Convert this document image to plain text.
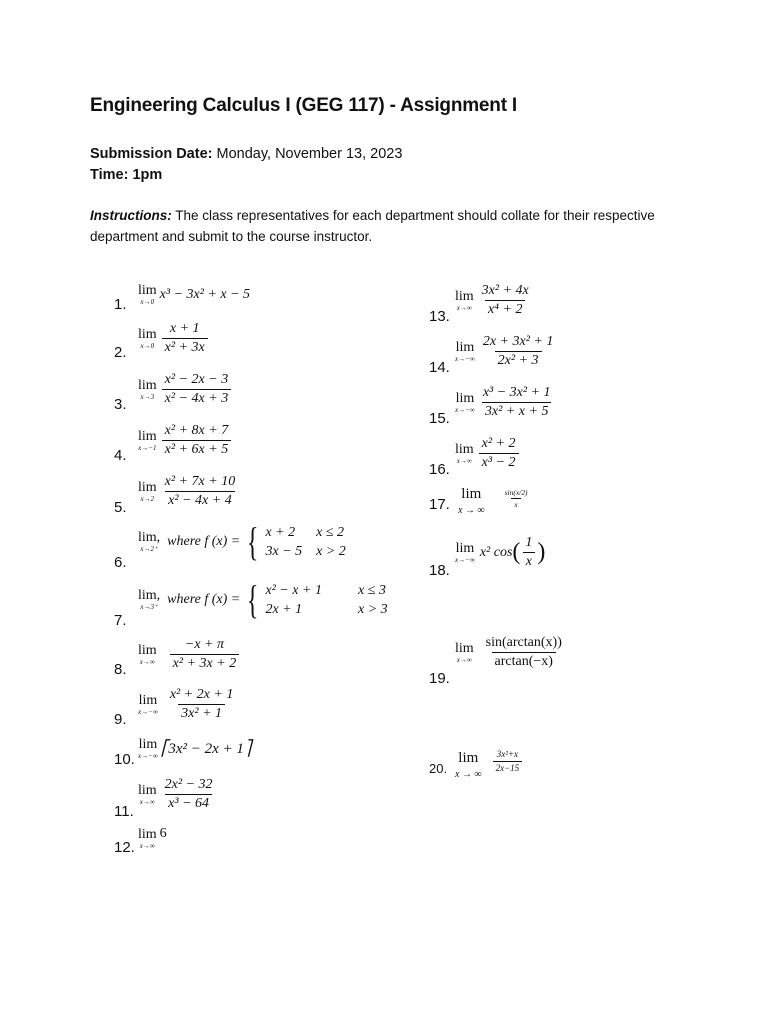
Engineering Calculus I (GEG 117) - Assignment I
Submission Date: Monday, November 13, 2023
Time: 1pm
Instructions: The class representatives for each department should collate for their respective department and submit to the course instructor.
1.
lim
x→0 x³ − 3x² + x − 5
2.
lim
$x\to 0 \frac{x + 1}{\text{x² + 3x}}$
3.
lim
$x\to 3 \frac{\text{x² − 2x − 3}}{\text{x² − 4x + 3}}$
4.
lim
$x\to-1 \frac{\text{x² + 8x + 7}}{\text{x² + 6x + 5}}$
5.
lim
$x\to 2 \frac{\text{x² + 7x + 10}}{\text{x² − 4x + 4}}$
6.
lim,
x→2⁺ where
f (x) = { x + 2	x ≤ 2
3x − 5 x > 2
7.
lim,
x→3⁺ where
f (x) = { x² − x + 1	x ≤ 3
2x + 1	x > 3
8.
lim
$x\to\infty \frac{-x + \pi}{\text{x² + 3x + 2}}$
9.
lim
$x\to-\infty \frac{\text{x² + 2x + 1}}{\text{3x² + 1}}$
10.
lim
x→−∞ ⎡3x² − 2x + 1⎤
11.
lim
$x\to\infty \frac{\text{2x² − 32}}{\text{x³ − 64}}$
12.
lim
x→∞
6
13.
lim
$x\to\infty \frac{\text{3x² + 4x}}{\text{x⁴ + 2}}$
14.
lim
$x\to-\infty \frac{\text{2x + 3x² + 1}}{\text{2x² + 3}}$
15.
lim
$x\to-\infty \frac{\text{x³ − 3x² + 1}}{\text{3x² + x + 5}}$
16.
lim
$x\to\infty \frac{\text{x² + 2}}{\text{x³ − 2}}$
17.
lim
x → ∞
$\frac{\sin(x/2)}{x}$
18.
lim
x→−∞ x² cos ( $\frac{1}{x}$ )
19.
lim
$x\to\infty \frac{\sin(\arctan(x))}{\arctan(-x)}$
20.
lim
x → ∞
$\frac{\text{3x²+x}}{2x-15}$
